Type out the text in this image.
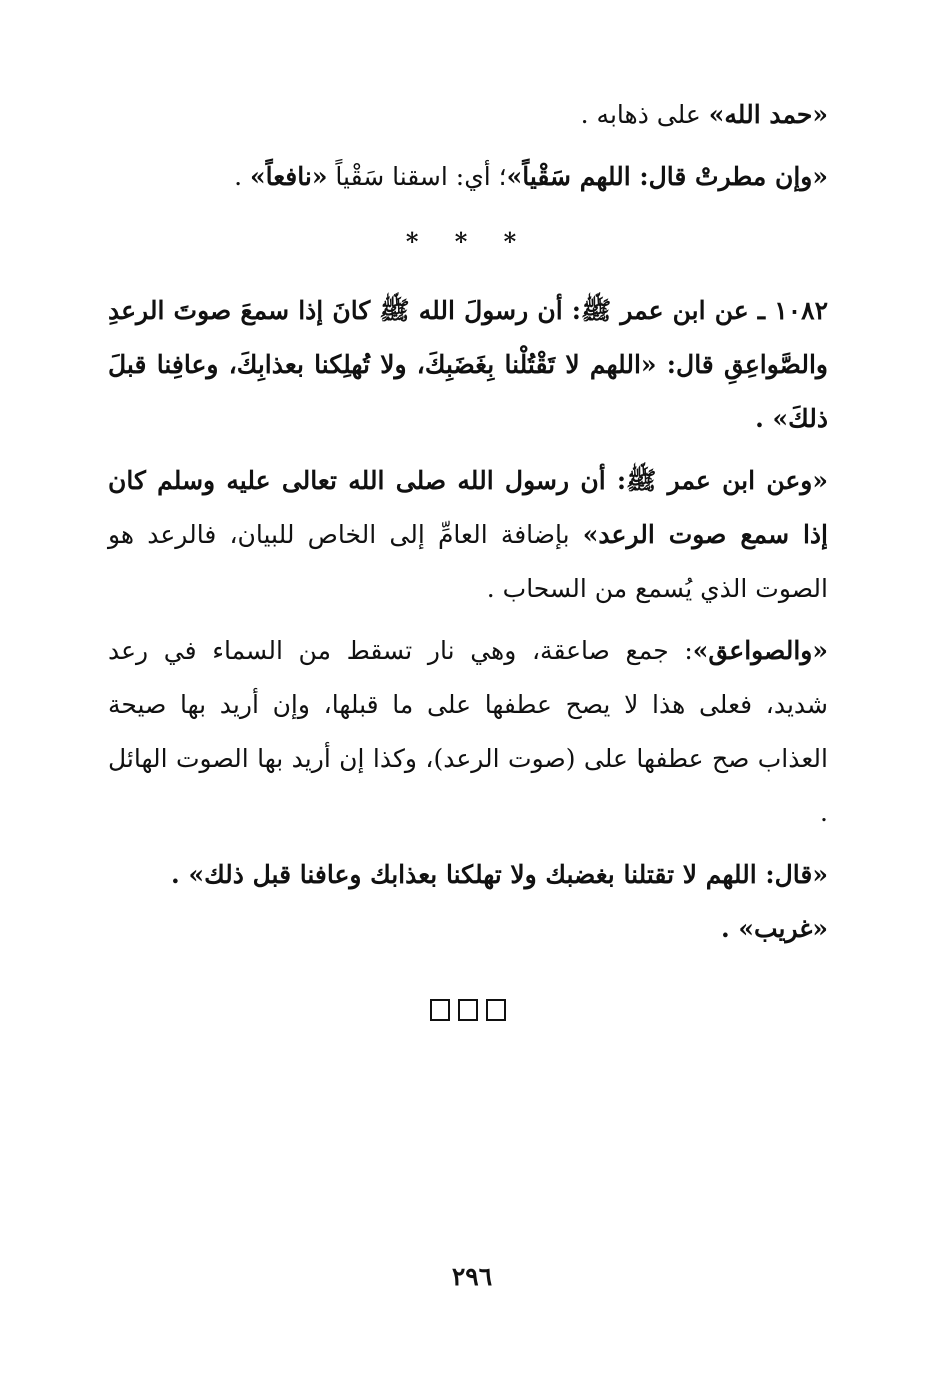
«حمد الله» على ذهابه .

«وإن مطرتْ قال: اللهم سَقْياً»؛ أي: اسقنا سَقْياً «نافعاً» .

* * *

١٠٨٢ ـ عن ابن عمر ﷺ: أن رسولَ الله ﷺ كانَ إذا سمعَ صوتَ الرعدِ والصَّواعِقِ قال: «اللهم لا تَقْتُلْنا بِغَضَبِكَ، ولا تُهلِكنا بعذابِكَ، وعافِنا قبلَ ذلكَ» .

«وعن ابن عمر ﷺ: أن رسول الله صلى الله تعالى عليه وسلم كان إذا سمع صوت الرعد» بإضافة العامِّ إلى الخاص للبيان، فالرعد هو الصوت الذي يُسمع من السحاب .

«والصواعق»: جمع صاعقة، وهي نار تسقط من السماء في رعد شديد، فعلى هذا لا يصح عطفها على ما قبلها، وإن أريد بها صيحة العذاب صح عطفها على (صوت الرعد)، وكذا إن أريد بها الصوت الهائل .

«قال: اللهم لا تقتلنا بغضبك ولا تهلكنا بعذابك وعافنا قبل ذلك» .

«غريب» .

٢٩٦
